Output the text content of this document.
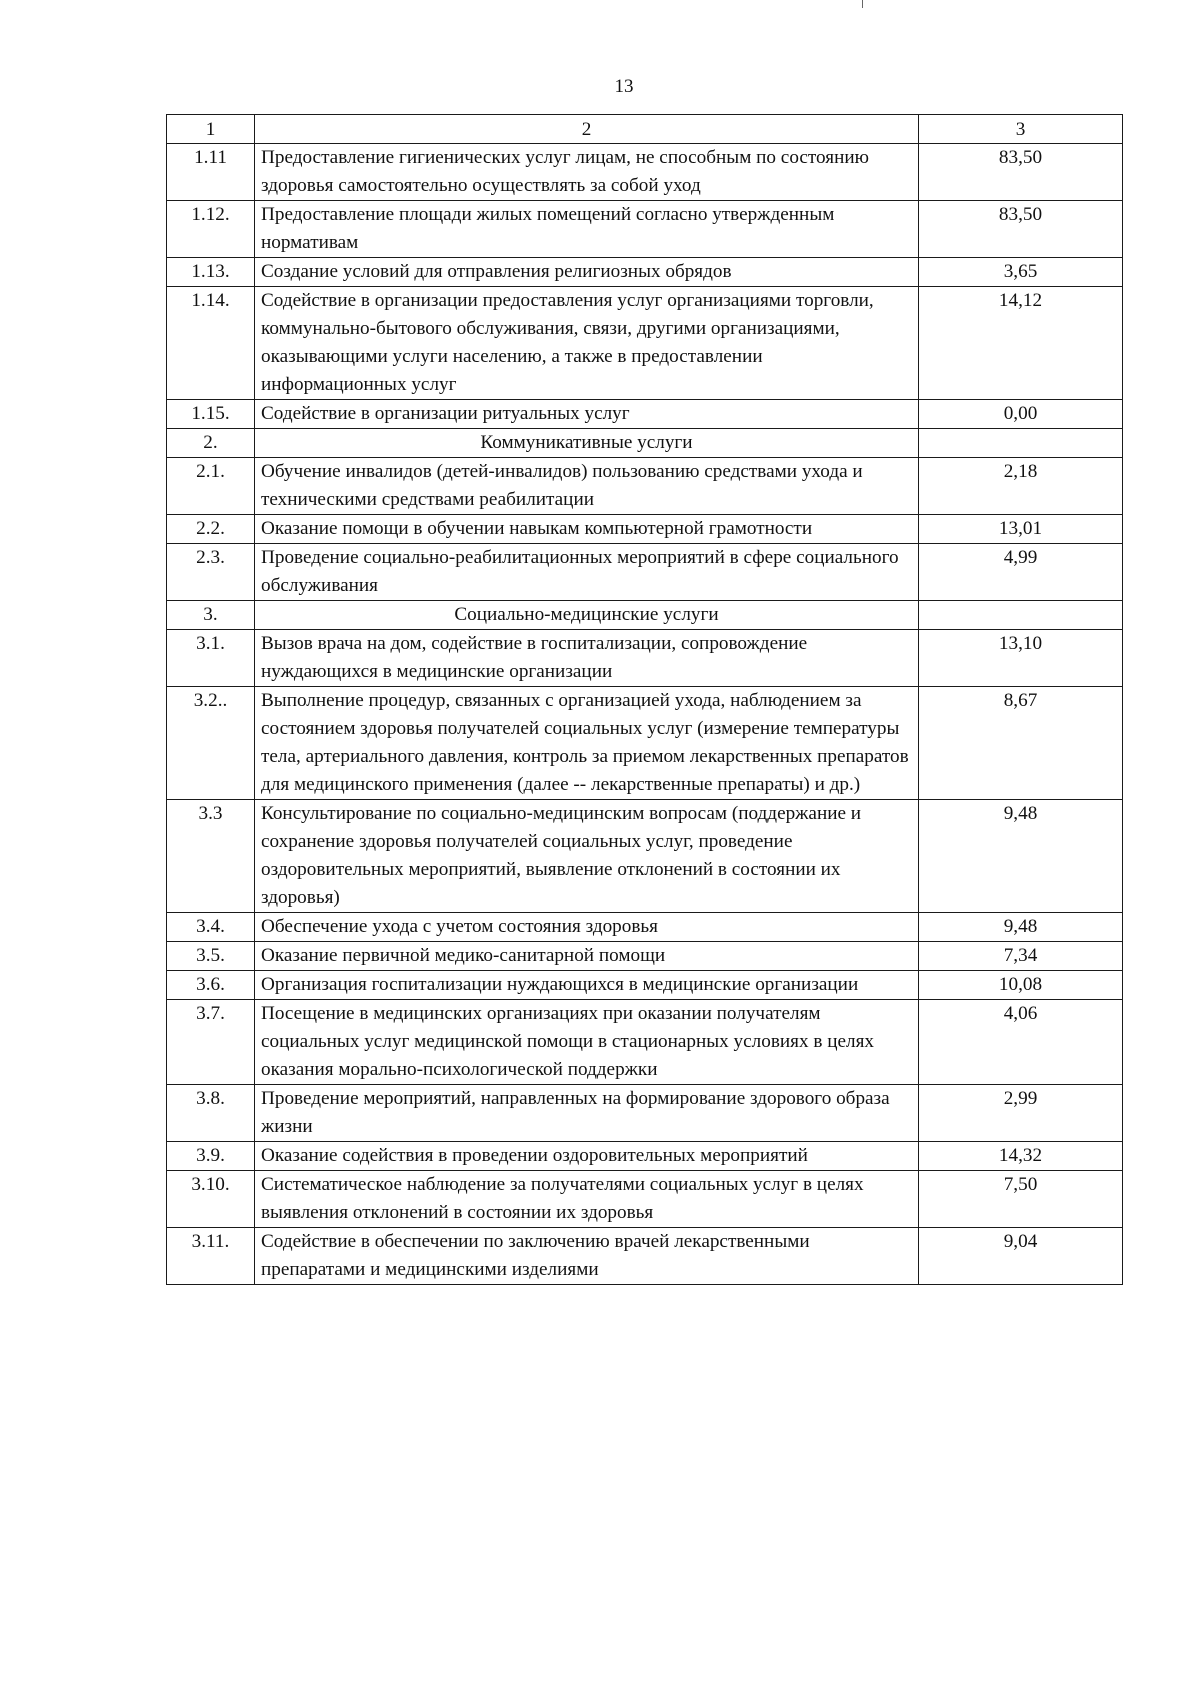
13
1	2	3
1.11	Предоставление гигиенических услуг лицам, не способным по состоянию здоровья самостоятельно осуществлять за собой уход	83,50
1.12.	Предоставление площади жилых помещений согласно утвержденным нормативам	83,50
1.13.	Создание условий для отправления религиозных обрядов	3,65
1.14.	Содействие в организации предоставления услуг организациями торговли, коммунально-бытового обслуживания, связи, другими организациями, оказывающими услуги населению, а также в предоставлении информационных услуг	14,12
1.15.	Содействие в организации ритуальных услуг	0,00
2.	Коммуникативные услуги	
2.1.	Обучение инвалидов (детей-инвалидов) пользованию средствами ухода и техническими средствами реабилитации	2,18
2.2.	Оказание помощи в обучении навыкам компьютерной грамотности	13,01
2.3.	Проведение социально-реабилитационных мероприятий в сфере социального обслуживания	4,99
3.	Социально-медицинские услуги	
3.1.	Вызов врача на дом, содействие в госпитализации, сопровождение нуждающихся в медицинские организации	13,10
3.2..	Выполнение процедур, связанных с организацией ухода, наблюдением за состоянием здоровья получателей социальных услуг (измерение температуры тела, артериального давления, контроль за приемом лекарственных препаратов для медицинского применения (далее -- лекарственные препараты) и др.)	8,67
3.3	Консультирование по социально-медицинским вопросам (поддержание и сохранение здоровья получателей социальных услуг, проведение оздоровительных мероприятий, выявление отклонений в состоянии их здоровья)	9,48
3.4.	Обеспечение ухода с учетом состояния здоровья	9,48
3.5.	Оказание первичной медико-санитарной помощи	7,34
3.6.	Организация госпитализации нуждающихся в медицинские организации	10,08
3.7.	Посещение в медицинских организациях при оказании получателям социальных услуг медицинской помощи в стационарных условиях в целях оказания морально-психологической поддержки	4,06
3.8.	Проведение мероприятий, направленных на формирование здорового образа жизни	2,99
3.9.	Оказание содействия в проведении оздоровительных мероприятий	14,32
3.10.	Систематическое наблюдение за получателями социальных услуг в целях выявления отклонений в состоянии их здоровья	7,50
3.11.	Содействие в обеспечении по заключению врачей лекарственными препаратами и медицинскими изделиями	9,04
